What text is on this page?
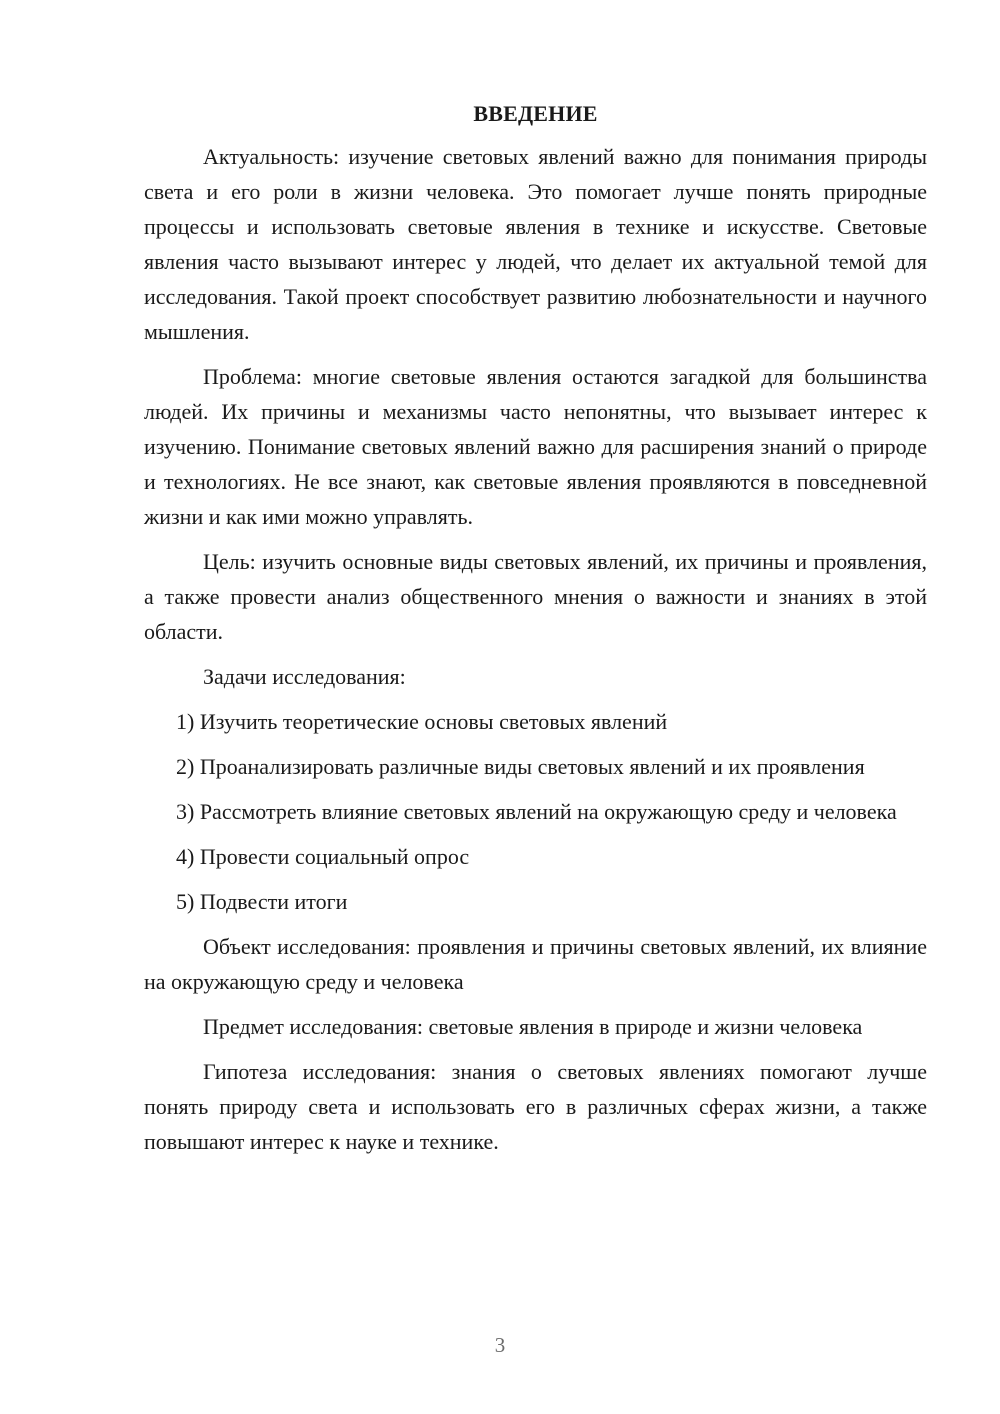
ВВЕДЕНИЕ

Актуальность: изучение световых явлений важно для понимания природы света и его роли в жизни человека. Это помогает лучше понять природные процессы и использовать световые явления в технике и искусстве. Световые явления часто вызывают интерес у людей, что делает их актуальной темой для исследования. Такой проект способствует развитию любознательности и научного мышления.

Проблема: многие световые явления остаются загадкой для большинства людей. Их причины и механизмы часто непонятны, что вызывает интерес к изучению. Понимание световых явлений важно для расширения знаний о природе и технологиях. Не все знают, как световые явления проявляются в повседневной жизни и как ими можно управлять.

Цель: изучить основные виды световых явлений, их причины и проявления, а также провести анализ общественного мнения о важности и знаниях в этой области.

Задачи исследования:

1) Изучить теоретические основы световых явлений

2) Проанализировать различные виды световых явлений и их проявления

3) Рассмотреть влияние световых явлений на окружающую среду и человека

4) Провести социальный опрос

5) Подвести итоги

Объект исследования: проявления и причины световых явлений, их влияние на окружающую среду и человека

Предмет исследования: световые явления в природе и жизни человека

Гипотеза исследования: знания о световых явлениях помогают лучше понять природу света и использовать его в различных сферах жизни, а также повышают интерес к науке и технике.

3
